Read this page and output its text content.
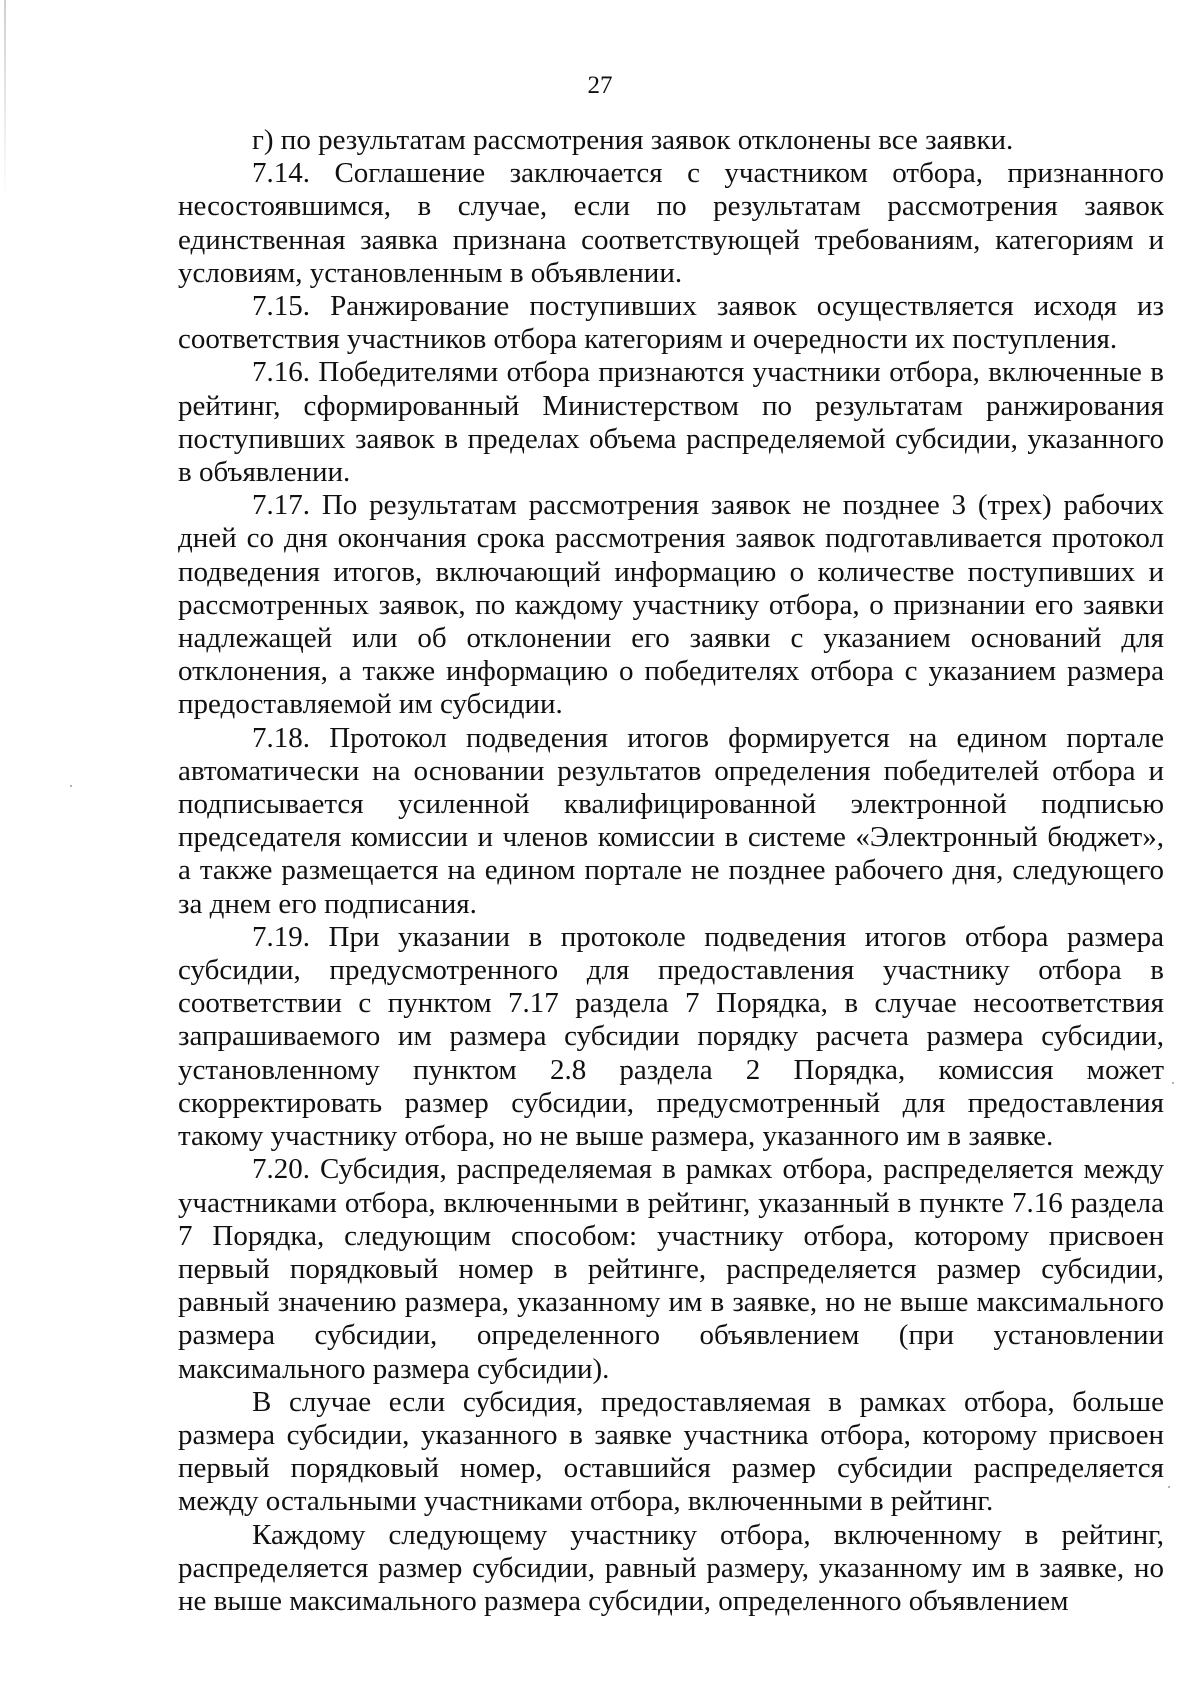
27

г) по результатам рассмотрения заявок отклонены все заявки.

7.14. Соглашение заключается с участником отбора, признанного несостоявшимся, в случае, если по результатам рассмотрения заявок единственная заявка признана соответствующей требованиям, категориям и условиям, установленным в объявлении.

7.15. Ранжирование поступивших заявок осуществляется исходя из соответствия участников отбора категориям и очередности их поступления.

7.16. Победителями отбора признаются участники отбора, включенные в рейтинг, сформированный Министерством по результатам ранжирования поступивших заявок в пределах объема распределяемой субсидии, указанного в объявлении.

7.17. По результатам рассмотрения заявок не позднее 3 (трех) рабочих дней со дня окончания срока рассмотрения заявок подготавливается протокол подведения итогов, включающий информацию о количестве поступивших и рассмотренных заявок, по каждому участнику отбора, о признании его заявки надлежащей или об отклонении его заявки с указанием оснований для отклонения, а также информацию о победителях отбора с указанием размера предоставляемой им субсидии.

7.18. Протокол подведения итогов формируется на едином портале автоматически на основании результатов определения победителей отбора и подписывается усиленной квалифицированной электронной подписью председателя комиссии и членов комиссии в системе «Электронный бюджет», а также размещается на едином портале не позднее рабочего дня, следующего за днем его подписания.

7.19. При указании в протоколе подведения итогов отбора размера субсидии, предусмотренного для предоставления участнику отбора в соответствии с пунктом 7.17 раздела 7 Порядка, в случае несоответствия запрашиваемого им размера субсидии порядку расчета размера субсидии, установленному пунктом 2.8 раздела 2 Порядка, комиссия может скорректировать размер субсидии, предусмотренный для предоставления такому участнику отбора, но не выше размера, указанного им в заявке.

7.20. Субсидия, распределяемая в рамках отбора, распределяется между участниками отбора, включенными в рейтинг, указанный в пункте 7.16 раздела 7 Порядка, следующим способом: участнику отбора, которому присвоен первый порядковый номер в рейтинге, распределяется размер субсидии, равный значению размера, указанному им в заявке, но не выше максимального размера субсидии, определенного объявлением (при установлении максимального размера субсидии).

В случае если субсидия, предоставляемая в рамках отбора, больше размера субсидии, указанного в заявке участника отбора, которому присвоен первый порядковый номер, оставшийся размер субсидии распределяется между остальными участниками отбора, включенными в рейтинг.

Каждому следующему участнику отбора, включенному в рейтинг, распределяется размер субсидии, равный размеру, указанному им в заявке, но не выше максимального размера субсидии, определенного объявлением
